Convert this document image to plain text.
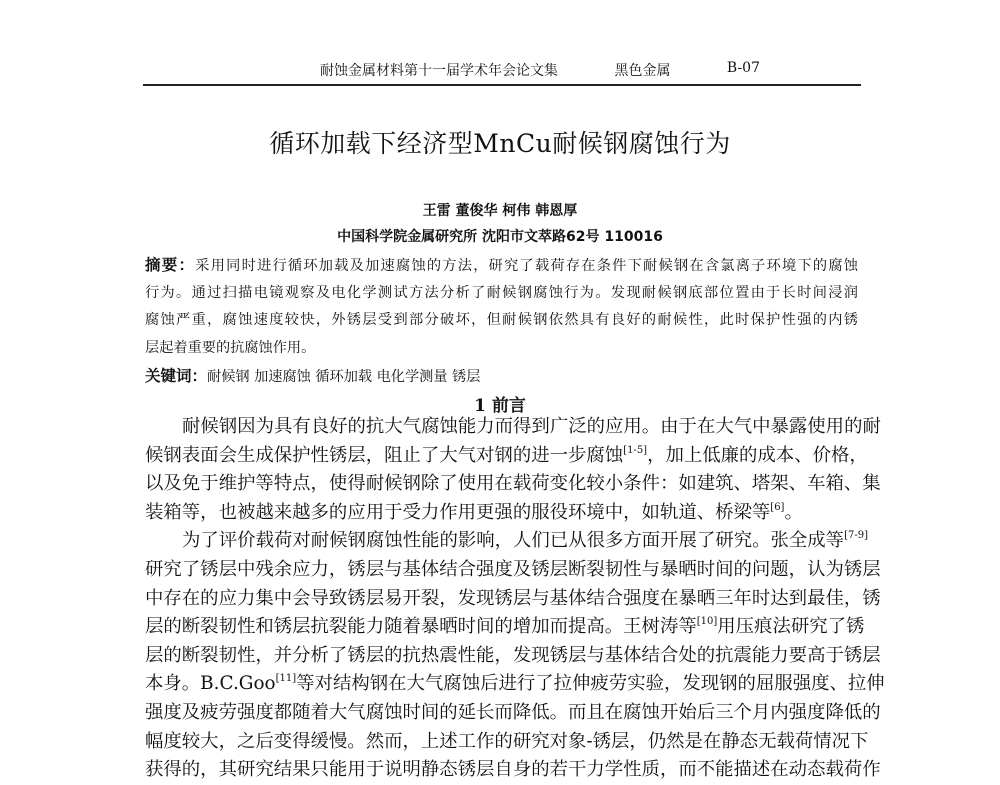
耐蚀金属材料第十一届学术年会论文集	黑色金属	B-07
循环加载下经济型MnCu耐候钢腐蚀行为
王雷 董俊华 柯伟 韩恩厚
中国科学院金属研究所 沈阳市文萃路62号 110016
摘要：采用同时进行循环加载及加速腐蚀的方法，研究了载荷存在条件下耐候钢在含氯离子环境下的腐蚀
行为。通过扫描电镜观察及电化学测试方法分析了耐候钢腐蚀行为。发现耐候钢底部位置由于长时间浸润
腐蚀严重，腐蚀速度较快，外锈层受到部分破坏，但耐候钢依然具有良好的耐候性，此时保护性强的内锈
层起着重要的抗腐蚀作用。
关键词：耐候钢 加速腐蚀 循环加载 电化学测量 锈层
1 前言
耐候钢因为具有良好的抗大气腐蚀能力而得到广泛的应用。由于在大气中暴露使用的耐
候钢表面会生成保护性锈层，阻止了大气对钢的进一步腐蚀[1-5]，加上低廉的成本、价格，
以及免于维护等特点，使得耐候钢除了使用在载荷变化较小条件：如建筑、塔架、车箱、集
装箱等，也被越来越多的应用于受力作用更强的服役环境中，如轨道、桥梁等[6]。
为了评价载荷对耐候钢腐蚀性能的影响，人们已从很多方面开展了研究。张全成等[7-9]
研究了锈层中残余应力，锈层与基体结合强度及锈层断裂韧性与暴晒时间的问题，认为锈层
中存在的应力集中会导致锈层易开裂，发现锈层与基体结合强度在暴晒三年时达到最佳，锈
层的断裂韧性和锈层抗裂能力随着暴晒时间的增加而提高。王树涛等[10]用压痕法研究了锈
层的断裂韧性，并分析了锈层的抗热震性能，发现锈层与基体结合处的抗震能力要高于锈层
本身。B.C.Goo[11]等对结构钢在大气腐蚀后进行了拉伸疲劳实验，发现钢的屈服强度、拉伸
强度及疲劳强度都随着大气腐蚀时间的延长而降低。而且在腐蚀开始后三个月内强度降低的
幅度较大，之后变得缓慢。然而，上述工作的研究对象-锈层，仍然是在静态无载荷情况下
获得的，其研究结果只能用于说明静态锈层自身的若干力学性质，而不能描述在动态载荷作
